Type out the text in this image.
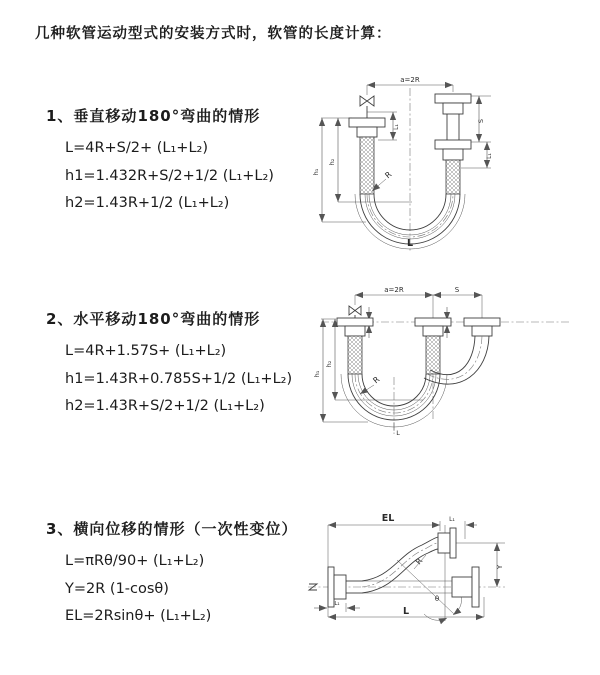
几种软管运动型式的安装方式时，软管的长度计算：
1、垂直移动180°弯曲的情形
L=4R+S/2+ (L₁+L₂)
h1=1.432R+S/2+1/2 (L₁+L₂)
h2=1.43R+1/2 (L₁+L₂)
2、水平移动180°弯曲的情形
L=4R+1.57S+ (L₁+L₂)
h1=1.43R+0.785S+1/2 (L₁+L₂)
h2=1.43R+S/2+1/2 (L₁+L₂)
3、横向位移的情形（一次性变位）
L=πRθ/90+ (L₁+L₂)
Y=2R (1-cosθ)
EL=2Rsinθ+ (L₁+L₂)
a=2R
S
L₁
L₁
h₁
h₂
R
L
a=2R	S
h₁
h₂
R
L
EL	L₁
Y
R
θ
L
L₁
